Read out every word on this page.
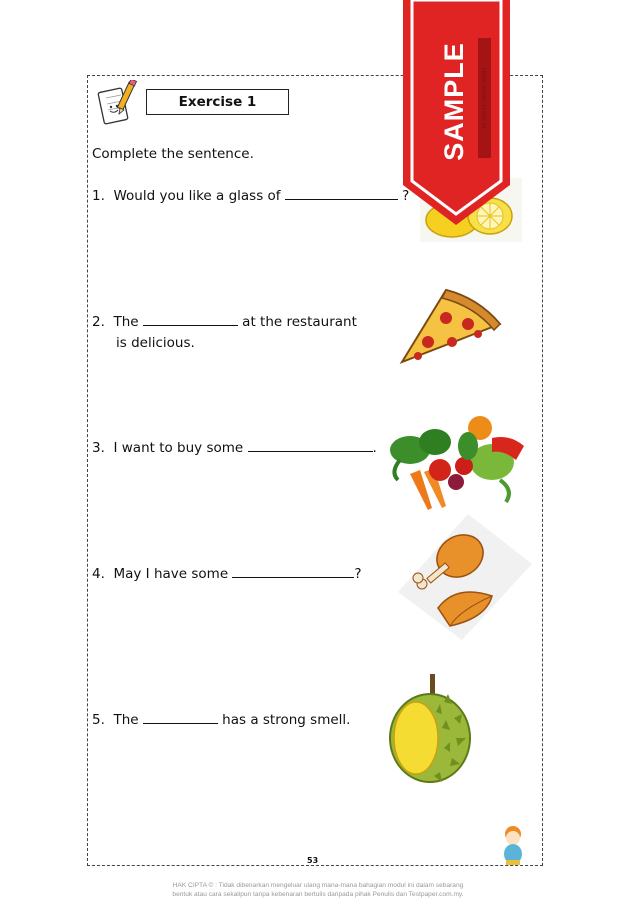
Exercise 1
Complete the sentence.
1. Would you like a glass of	?
2. The	at the restaurant
is delicious.
3. I want to buy some	.
4. May I have some	?
5. The	has a strong smell.
SAMPLE Ini adalah sampel sahaja
53
HAK CIPTA © : Tidak dibenarkan mengeluar ulang mana-mana bahagian modul ini dalam sebarang
bentuk atau cara sekalipun tanpa kebenaran bertulis daripada pihak Penulis dan Testpaper.com.my.
